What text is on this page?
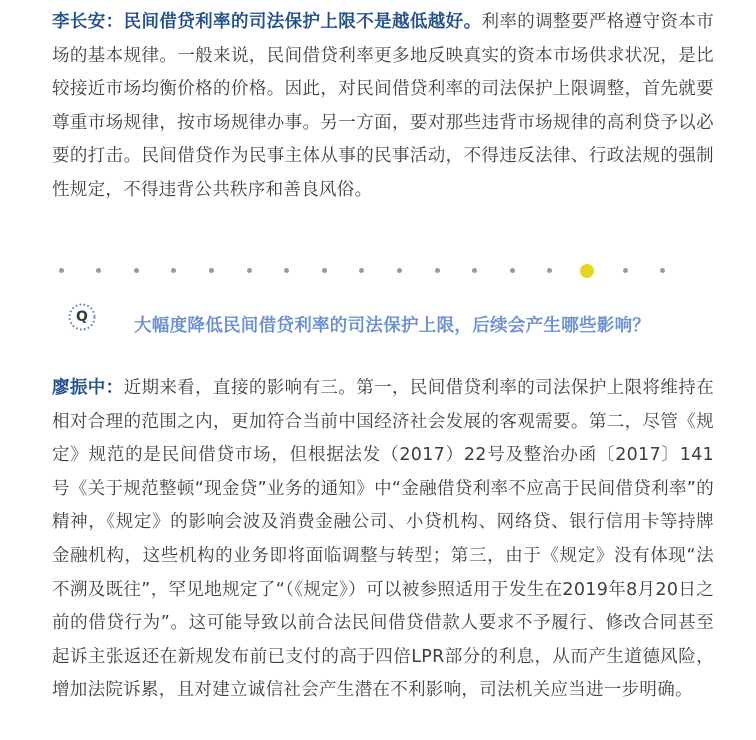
李长安：民间借贷利率的司法保护上限不是越低越好。利率的调整要严格遵守资本市场的基本规律。一般来说，民间借贷利率更多地反映真实的资本市场供求状况，是比较接近市场均衡价格的价格。因此，对民间借贷利率的司法保护上限调整，首先就要尊重市场规律，按市场规律办事。另一方面，要对那些违背市场规律的高利贷予以必要的打击。民间借贷作为民事主体从事的民事活动，不得违反法律、行政法规的强制性规定，不得违背公共秩序和善良风俗。
Q	大幅度降低民间借贷利率的司法保护上限，后续会产生哪些影响？
廖振中：近期来看，直接的影响有三。第一，民间借贷利率的司法保护上限将维持在相对合理的范围之内，更加符合当前中国经济社会发展的客观需要。第二，尽管《规定》规范的是民间借贷市场，但根据法发（2017）22号及整治办函〔2017〕141号《关于规范整顿“现金贷”业务的通知》中“金融借贷利率不应高于民间借贷利率”的精神，《规定》的影响会波及消费金融公司、小贷机构、网络贷、银行信用卡等持牌金融机构，这些机构的业务即将面临调整与转型；第三，由于《规定》没有体现“法不溯及既往”，罕见地规定了“（《规定》）可以被参照适用于发生在2019年8月20日之前的借贷行为”。这可能导致以前合法民间借贷借款人要求不予履行、修改合同甚至起诉主张返还在新规发布前已支付的高于四倍LPR部分的利息，从而产生道德风险，增加法院诉累，且对建立诚信社会产生潜在不利影响，司法机关应当进一步明确。
